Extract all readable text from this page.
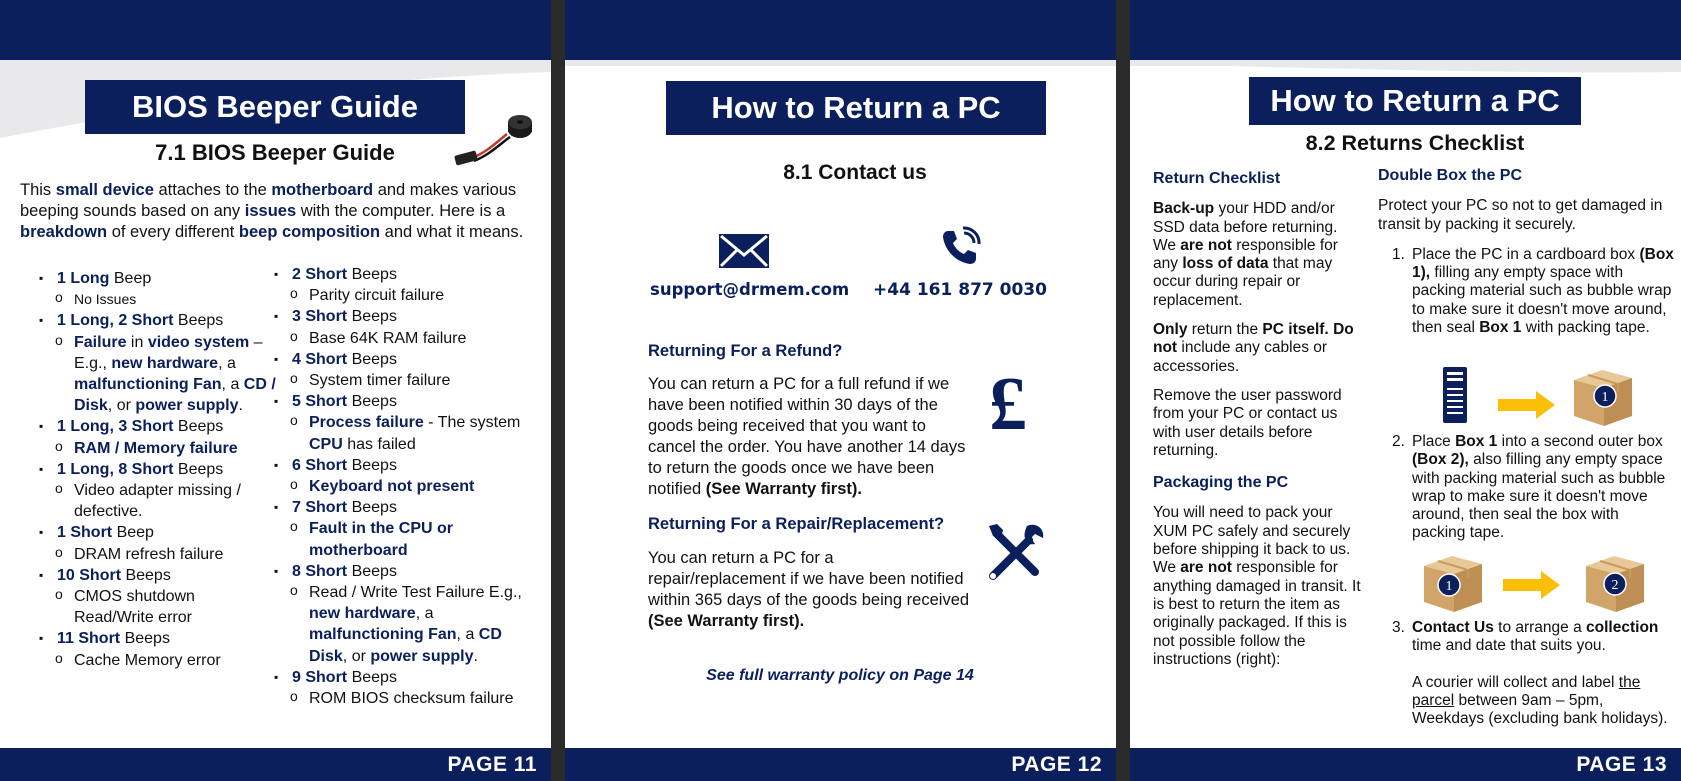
BIOS Beeper Guide
7.1 BIOS Beeper Guide
This small device attaches to the motherboard and makes various beeping sounds based on any issues with the computer. Here is a breakdown of every different beep composition and what it means.
▪ 1 Long Beep
o No Issues
▪ 1 Long, 2 Short Beeps
o Failure in video system – E.g., new hardware, a malfunctioning Fan, a CD / Disk, or power supply.
▪ 1 Long, 3 Short Beeps
o RAM / Memory failure
▪ 1 Long, 8 Short Beeps
o Video adapter missing / defective.
▪ 1 Short Beep
o DRAM refresh failure
▪ 10 Short Beeps
o CMOS shutdown Read/Write error
▪ 11 Short Beeps
o Cache Memory error
▪ 2 Short Beeps
o Parity circuit failure
▪ 3 Short Beeps
o Base 64K RAM failure
▪ 4 Short Beeps
o System timer failure
▪ 5 Short Beeps
o Process failure - The system CPU has failed
▪ 6 Short Beeps
o Keyboard not present
▪ 7 Short Beeps
o Fault in the CPU or motherboard
▪ 8 Short Beeps
o Read / Write Test Failure E.g., new hardware, a malfunctioning Fan, a CD Disk, or power supply.
▪ 9 Short Beeps
o ROM BIOS checksum failure
PAGE 11
How to Return a PC
8.1 Contact us
support@drmem.com	+44 161 877 0030
Returning For a Refund?
You can return a PC for a full refund if we have been notified within 30 days of the goods being received that you want to cancel the order. You have another 14 days to return the goods once we have been notified (See Warranty first).
£
Returning For a Repair/Replacement?
You can return a PC for a repair/replacement if we have been notified within 365 days of the goods being received (See Warranty first).
See full warranty policy on Page 14
PAGE 12
How to Return a PC
8.2 Returns Checklist
Return Checklist

Back-up your HDD and/or SSD data before returning. We are not responsible for any loss of data that may occur during repair or replacement.

Only return the PC itself. Do not include any cables or accessories.

Remove the user password from your PC or contact us with user details before returning.

Packaging the PC

You will need to pack your XUM PC safely and securely before shipping it back to us. We are not responsible for anything damaged in transit. It is best to return the item as originally packaged. If this is not possible follow the instructions (right):

Double Box the PC

Protect your PC so not to get damaged in transit by packing it securely.

1. Place the PC in a cardboard box (Box 1), filling any empty space with packing material such as bubble wrap to make sure it doesn't move around, then seal Box 1 with packing tape.
1
2. Place Box 1 into a second outer box (Box 2), also filling any empty space with packing material such as bubble wrap to make sure it doesn't move around, then seal the box with packing tape.
1	2
3. Contact Us to arrange a collection time and date that suits you.

A courier will collect and label the parcel between 9am – 5pm, Weekdays (excluding bank holidays).

PAGE 13
